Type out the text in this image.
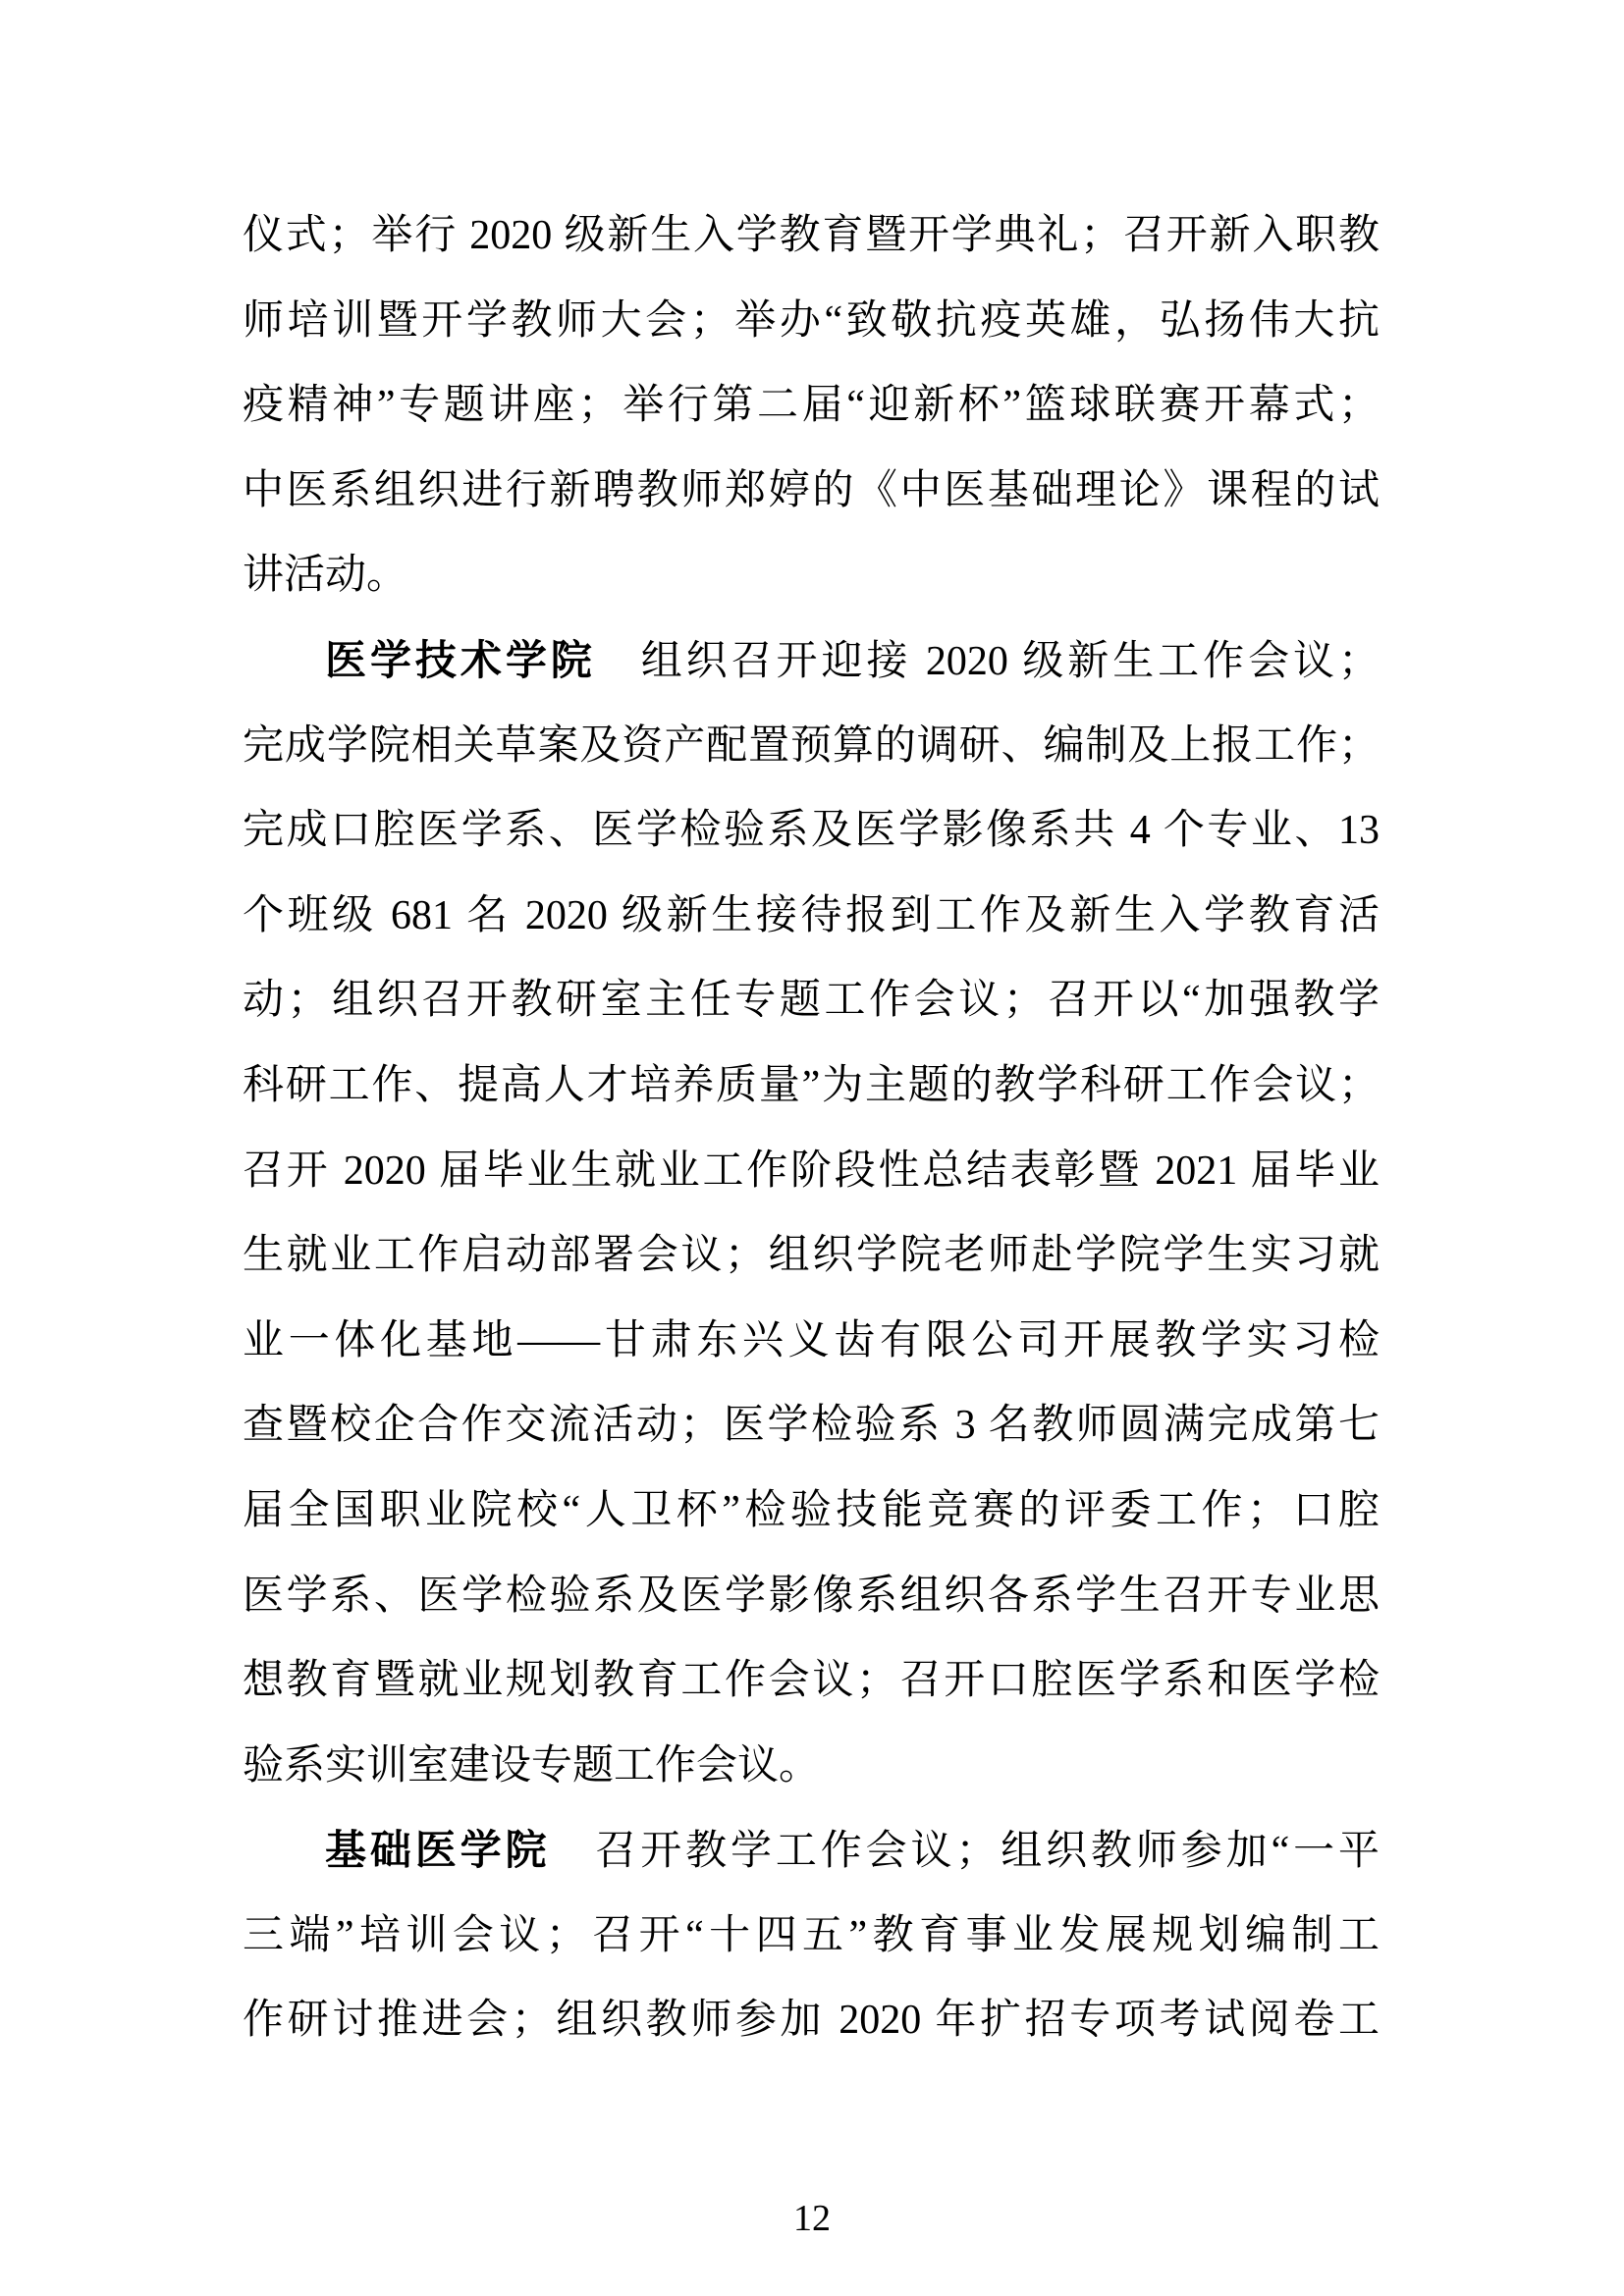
仪式；举行 2020 级新生入学教育暨开学典礼；召开新入职教
师培训暨开学教师大会；举办“致敬抗疫英雄，弘扬伟大抗
疫精神”专题讲座；举行第二届“迎新杯”篮球联赛开幕式；
中医系组织进行新聘教师郑婷的《中医基础理论》课程的试
讲活动。
医学技术学院　组织召开迎接 2020 级新生工作会议；
完成学院相关草案及资产配置预算的调研、编制及上报工作；
完成口腔医学系、医学检验系及医学影像系共 4 个专业、13
个班级 681 名 2020 级新生接待报到工作及新生入学教育活
动；组织召开教研室主任专题工作会议；召开以“加强教学
科研工作、提高人才培养质量”为主题的教学科研工作会议；
召开 2020 届毕业生就业工作阶段性总结表彰暨 2021 届毕业
生就业工作启动部署会议；组织学院老师赴学院学生实习就
业一体化基地——甘肃东兴义齿有限公司开展教学实习检
查暨校企合作交流活动；医学检验系 3 名教师圆满完成第七
届全国职业院校“人卫杯”检验技能竞赛的评委工作；口腔
医学系、医学检验系及医学影像系组织各系学生召开专业思
想教育暨就业规划教育工作会议；召开口腔医学系和医学检
验系实训室建设专题工作会议。
基础医学院　召开教学工作会议；组织教师参加“一平
三端”培训会议；召开“十四五”教育事业发展规划编制工
作研讨推进会；组织教师参加 2020 年扩招专项考试阅卷工
12
